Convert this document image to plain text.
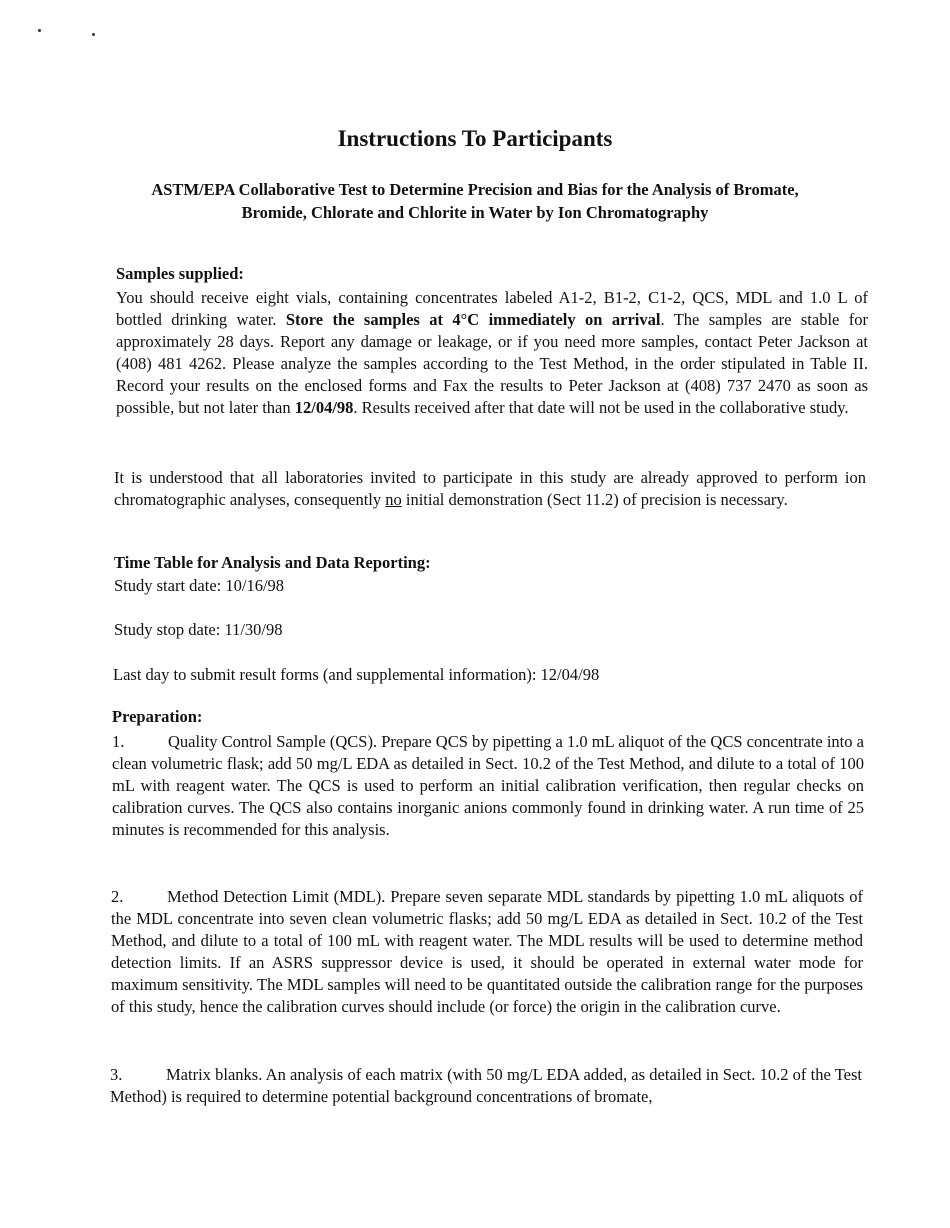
Instructions To Participants
ASTM/EPA Collaborative Test to Determine Precision and Bias for the Analysis of Bromate, Bromide, Chlorate and Chlorite in Water by Ion Chromatography
Samples supplied:
You should receive eight vials, containing concentrates labeled A1-2, B1-2, C1-2, QCS, MDL and 1.0 L of bottled drinking water. Store the samples at 4°C immediately on arrival. The samples are stable for approximately 28 days. Report any damage or leakage, or if you need more samples, contact Peter Jackson at (408) 481 4262. Please analyze the samples according to the Test Method, in the order stipulated in Table II. Record your results on the enclosed forms and Fax the results to Peter Jackson at (408) 737 2470 as soon as possible, but not later than 12/04/98. Results received after that date will not be used in the collaborative study.
It is understood that all laboratories invited to participate in this study are already approved to perform ion chromatographic analyses, consequently no initial demonstration (Sect 11.2) of precision is necessary.
Time Table for Analysis and Data Reporting:
Study start date: 10/16/98
Study stop date: 11/30/98
Last day to submit result forms (and supplemental information): 12/04/98
Preparation:
1.	Quality Control Sample (QCS). Prepare QCS by pipetting a 1.0 mL aliquot of the QCS concentrate into a clean volumetric flask; add 50 mg/L EDA as detailed in Sect. 10.2 of the Test Method, and dilute to a total of 100 mL with reagent water. The QCS is used to perform an initial calibration verification, then regular checks on calibration curves. The QCS also contains inorganic anions commonly found in drinking water. A run time of 25 minutes is recommended for this analysis.
2.	Method Detection Limit (MDL). Prepare seven separate MDL standards by pipetting 1.0 mL aliquots of the MDL concentrate into seven clean volumetric flasks; add 50 mg/L EDA as detailed in Sect. 10.2 of the Test Method, and dilute to a total of 100 mL with reagent water. The MDL results will be used to determine method detection limits. If an ASRS suppressor device is used, it should be operated in external water mode for maximum sensitivity. The MDL samples will need to be quantitated outside the calibration range for the purposes of this study, hence the calibration curves should include (or force) the origin in the calibration curve.
3.	Matrix blanks. An analysis of each matrix (with 50 mg/L EDA added, as detailed in Sect. 10.2 of the Test Method) is required to determine potential background concentrations of bromate,
